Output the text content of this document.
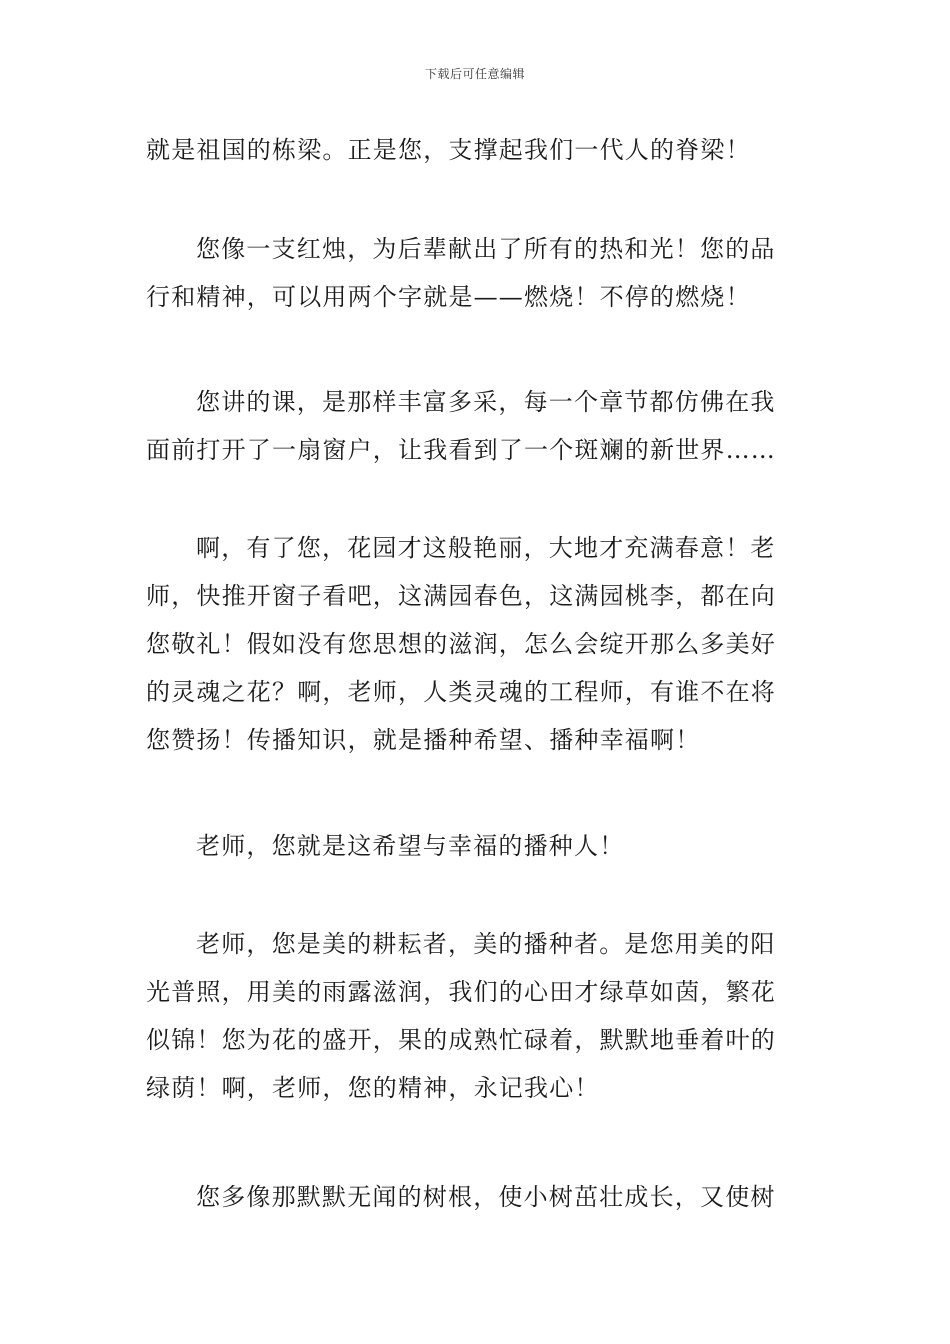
下载后可任意编辑

就是祖国的栋梁。正是您，支撑起我们一代人的脊梁！

您像一支红烛，为后辈献出了所有的热和光！您的品
行和精神，可以用两个字就是——燃烧！不停的燃烧！

您讲的课，是那样丰富多采，每一个章节都仿佛在我
面前打开了一扇窗户，让我看到了一个斑斓的新世界……

啊，有了您，花园才这般艳丽，大地才充满春意！老
师，快推开窗子看吧，这满园春色，这满园桃李，都在向
您敬礼！假如没有您思想的滋润，怎么会绽开那么多美好
的灵魂之花？啊，老师，人类灵魂的工程师，有谁不在将
您赞扬！传播知识，就是播种希望、播种幸福啊！

老师，您就是这希望与幸福的播种人！

老师，您是美的耕耘者，美的播种者。是您用美的阳
光普照，用美的雨露滋润，我们的心田才绿草如茵，繁花
似锦！您为花的盛开，果的成熟忙碌着，默默地垂着叶的
绿荫！啊，老师，您的精神，永记我心！

您多像那默默无闻的树根，使小树茁壮成长，又使树
